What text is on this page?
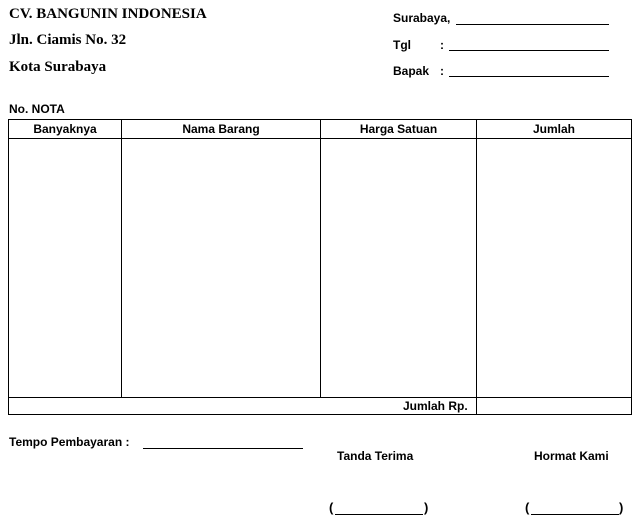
CV. BANGUNIN INDONESIA
Jln. Ciamis No. 32
Kota Surabaya
Surabaya,
Tgl :
Bapak :
No. NOTA
Banyaknya	Nama Barang	Harga Satuan	Jumlah
Jumlah Rp.
Tempo Pembayaran :
Tanda Terima	Hormat Kami
(	)	(	)
